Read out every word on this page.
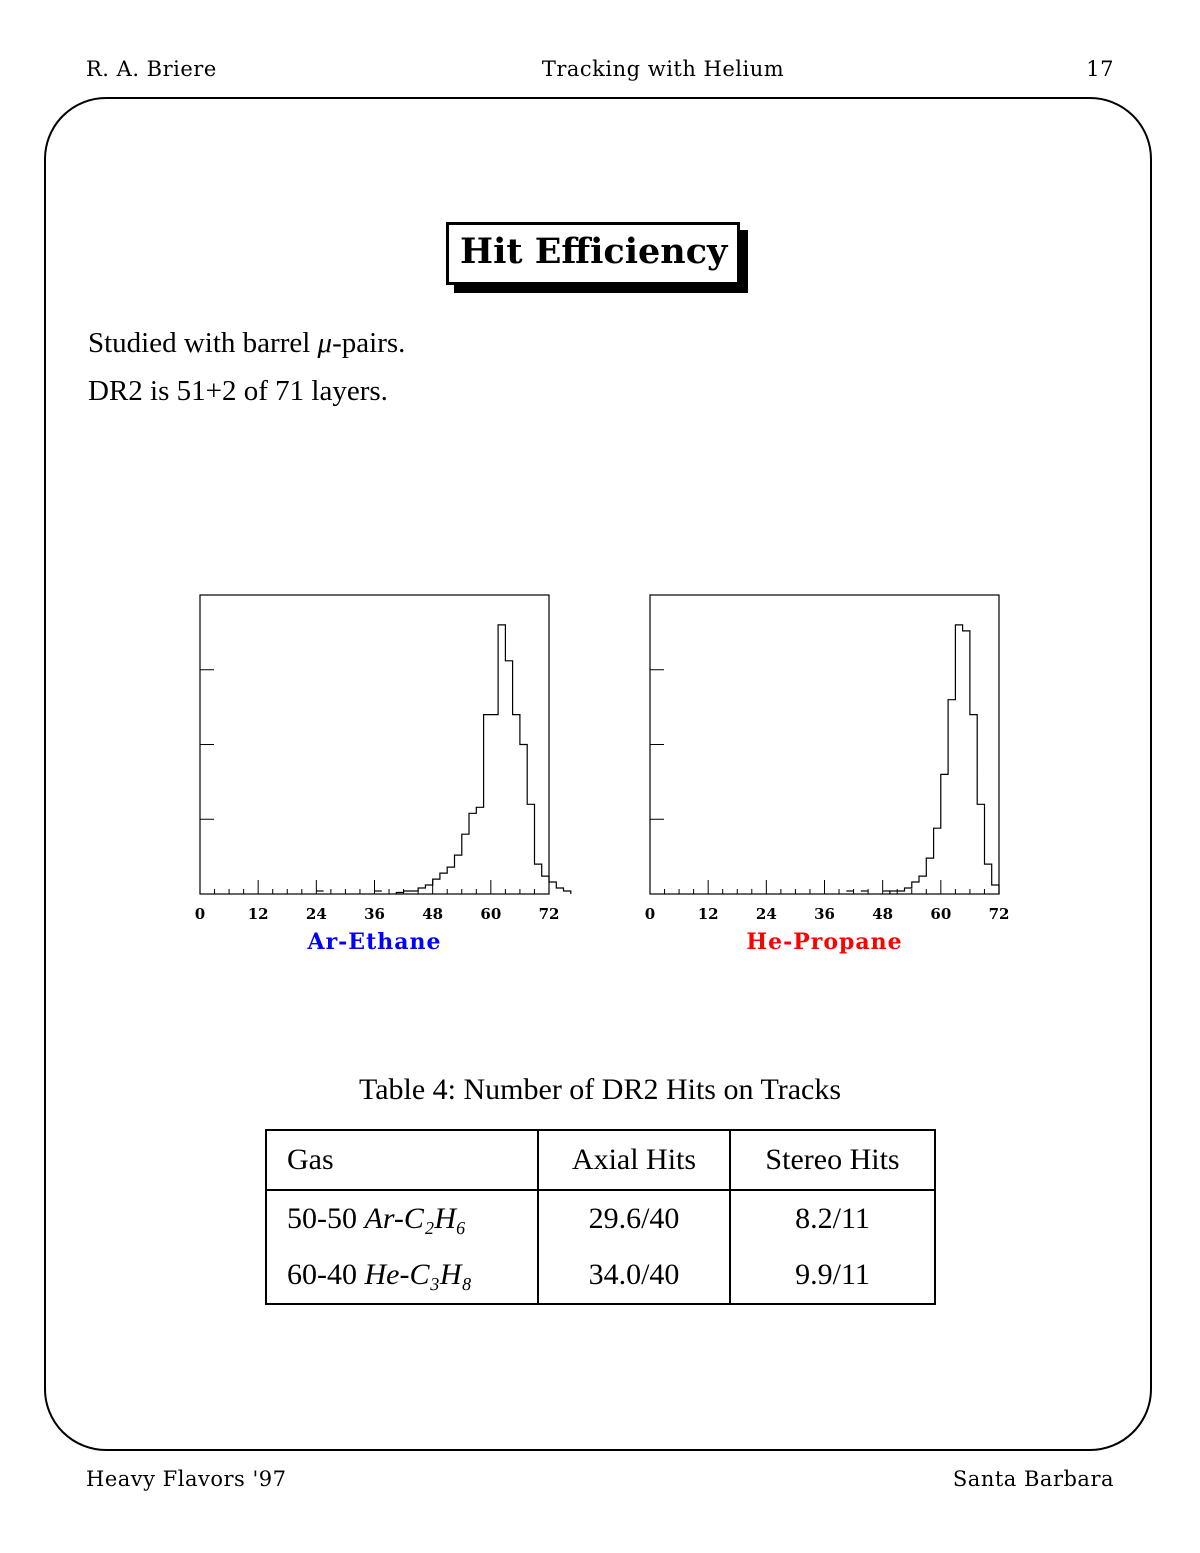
R. A. Briere	Tracking with Helium	17
Hit Efficiency
Studied with barrel μ-pairs.
DR2 is 51+2 of 71 layers.
0	12 24 36 48 60 72
Ar-Ethane
0	12 24 36 48 60 72
He-Propane
Table 4: Number of DR2 Hits on Tracks
Gas	Axial Hits	Stereo Hits
50-50 Ar-C₂H₆	29.6/40	8.2/11
60-40 He-C₃H₈	34.0/40	9.9/11
Heavy Flavors '97	Santa Barbara
